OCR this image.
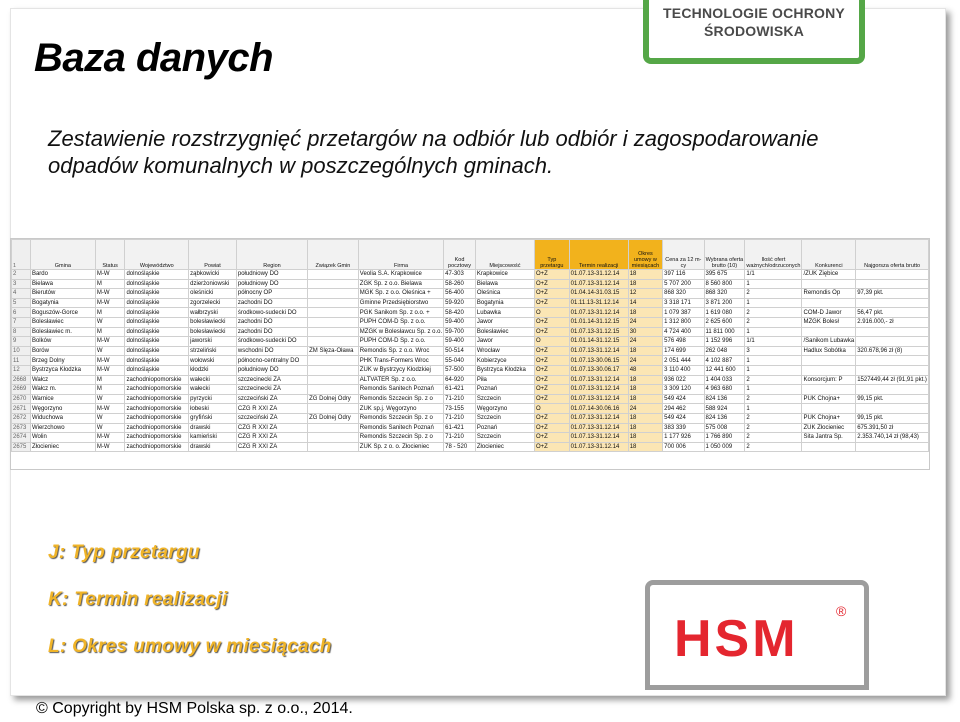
Baza danych
TECHNOLOGIE OCHRONY
ŚRODOWISKA
Zestawienie rozstrzygnięć przetargów na odbiór lub odbiór i zagospodarowanie odpadów komunalnych w poszczególnych gminach.
1	Gmina	Status	Województwo	Powiat	Region	Związek Gmin	Firma	Kod pocztowy	Miejscowość	Typ przetargu	Termin realizacji	Okres umowy w miesiącach	Cena za 12 m-cy	Wybrana oferta brutto (10)	Ilość ofert ważnych/odrzuconych	Konkurenci	Najgorsza oferta brutto
2	Bardo	M-W	dolnośląskie	ząbkowicki	południowy DO		Veolia S.A. Krapkowice	47-303	Krapkowice	O+Z	01.07.13-31.12.14	18	397 116	395 675	1/1	/ZUK Ziębice	
3	Bielawa	M	dolnośląskie	dzierżoniowski	południowy DO		ZGK Sp. z o.o. Bielawa	58-260	Bielawa	O+Z	01.07.13-31.12.14	18	5 707 200	8 560 800	1		
4	Bierutów	M-W	dolnośląskie	oleśnicki	północny OP		MGK Sp. z o.o. Oleśnica +	56-400	Oleśnica	O+Z	01.04.14-31.03.15	12	868 320	868 320	2	Remondis Op	97,39 pkt.
5	Bogatynia	M-W	dolnośląskie	zgorzelecki	zachodni DO		Gminne Przedsiębiorstwo	59-920	Bogatynia	O+Z	01.11.13-31.12.14	14	3 318 171	3 871 200	1		
6	Boguszów-Gorce	M	dolnośląskie	wałbrzyski	środkowo-sudecki DO		PGK Sanikom Sp. z o.o. +	58-420	Lubawka	O	01.07.13-31.12.14	18	1 079 387	1 619 080	2	COM-D Jawor	56,47 pkt.
7	Bolesławiec	W	dolnośląskie	bolesławiecki	zachodni DO		PUPH COM-D Sp. z o.o.	59-400	Jawor	O+Z	01.01.14-31.12.15	24	1 312 800	2 625 600	2	MZGK Bolesł	2.916.000,- zł
8	Bolesławiec m.	M	dolnośląskie	bolesławiecki	zachodni DO		MZGK w Bolesławcu Sp. z o.o.	59-700	Bolesławiec	O+Z	01.07.13-31.12.15	30	4 724 400	11 811 000	1		
9	Bolków	M-W	dolnośląskie	jaworski	środkowo-sudecki DO		PUPH COM-D Sp. z o.o.	59-400	Jawor	O	01.01.14-31.12.15	24	576 498	1 152 996	1/1	/Sanikom Lubawka	
10	Borów	W	dolnośląskie	strzeliński	wschodni DO	ZM Ślęza-Oława	Remondis Sp. z o.o. Wroc	50-514	Wrocław	O+Z	01.07.13-31.12.14	18	174 699	262 048	3	Hadlux Sobótka	320.678,96 zł (8)
11	Brzeg Dolny	M-W	dolnośląskie	wołowski	północno-centralny DO		PHK Trans-Formers Wroc	55-040	Kobierzyce	O+Z	01.07.13-30.06.15	24	2 051 444	4 102 887	1		
12	Bystrzyca Kłodzka	M-W	dolnośląskie	kłodzki	południowy DO		ZUK w Bystrzycy Kłodzkiej	57-500	Bystrzyca Kłodzka	O+Z	01.07.13-30.06.17	48	3 110 400	12 441 600	1		
2668	Wałcz	M	zachodniopomorskie	wałecki	szczecinecki ZA		ALTVATER Sp. z o.o.	64-920	Piła	O+Z	01.07.13-31.12.14	18	936 022	1 404 033	2	Konsorcjum: P	1527449,44 zł (91,91 pkt.)
2669	Wałcz m.	M	zachodniopomorskie	wałecki	szczecinecki ZA		Remondis Sanitech Poznań	61-421	Poznań	O+Z	01.07.13-31.12.14	18	3 309 120	4 963 680	1		
2670	Warnice	W	zachodniopomorskie	pyrzycki	szczeciński ZA	ZG Dolnej Odry	Remondis Szczecin Sp. z o	71-210	Szczecin	O+Z	01.07.13-31.12.14	18	549 424	824 136	2	PUK Chojna+	99,15 pkt.
2671	Węgorzyno	M-W	zachodniopomorskie	łobeski	CZG R XXI ZA		ZUK sp.j. Węgorzyno	73-155	Węgorzyno	O	01.07.14-30.06.16	24	294 462	588 924	1		
2672	Widuchowa	W	zachodniopomorskie	gryfiński	szczeciński ZA	ZG Dolnej Odry	Remondis Szczecin Sp. z o	71-210	Szczecin	O+Z	01.07.13-31.12.14	18	549 424	824 136	2	PUK Chojna+	99,15 pkt.
2673	Wierzchowo	W	zachodniopomorskie	drawski	CZG R XXI ZA		Remondis Sanitech Poznań	61-421	Poznań	O+Z	01.07.13-31.12.14	18	383 339	575 008	2	ZUK Złocieniec	675.391,50 zł
2674	Wolin	M-W	zachodniopomorskie	kamieński	CZG R XXI ZA		Remondis Szczecin Sp. z o	71-210	Szczecin	O+Z	01.07.13-31.12.14	18	1 177 926	1 766 890	2	Sita Jantra Sp.	2.353.740,14 zł (98,43)
2675	Złocieniec	M-W	zachodniopomorskie	drawski	CZG R XXI ZA		ZUK Sp. z o. o. Złocieniec	78 - 520	Złocieniec	O+Z	01.07.13-31.12.14	18	700 006	1 050 009	2		
J: Typ przetargu
K: Termin realizacji
L: Okres umowy w miesiącach	HSM	®
© Copyright by HSM Polska sp. z o.o., 2014.
